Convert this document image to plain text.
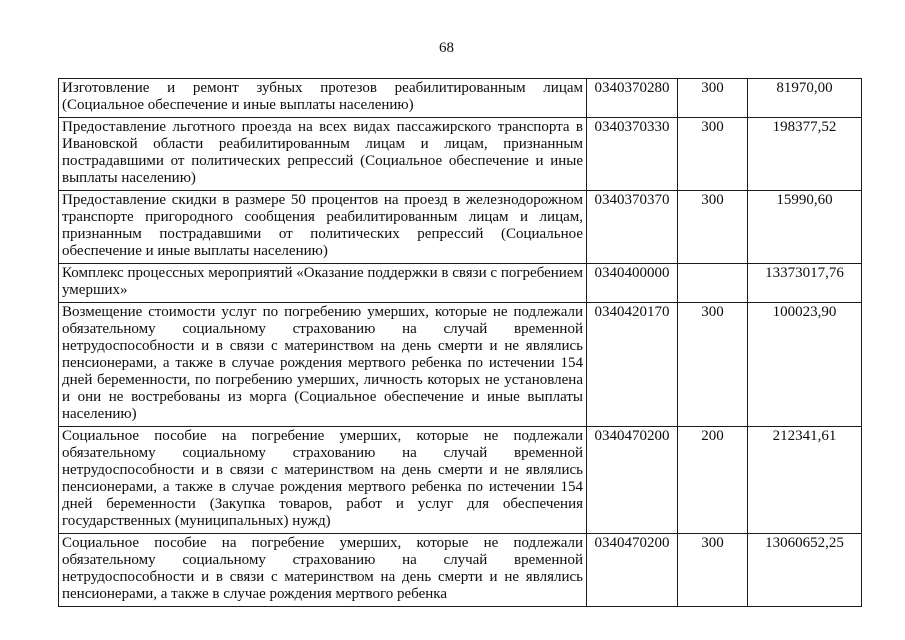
68
Изготовление и ремонт зубных протезов реабилитированным лицам (Социальное обеспечение и иные выплаты населению)	0340370280	300	81970,00
Предоставление льготного проезда на всех видах пассажирского транспорта в Ивановской области реабилитированным лицам и лицам, признанным пострадавшими от политических репрессий (Социальное обеспечение и иные выплаты населению)	0340370330	300	198377,52
Предоставление скидки в размере 50 процентов на проезд в железнодорожном транспорте пригородного сообщения реабилитированным лицам и лицам, признанным пострадавшими от политических репрессий (Социальное обеспечение и иные выплаты населению)	0340370370	300	15990,60
Комплекс процессных мероприятий «Оказание поддержки в связи с погребением умерших»	0340400000		13373017,76
Возмещение стоимости услуг по погребению умерших, которые не подлежали обязательному социальному страхованию на случай временной нетрудоспособности и в связи с материнством на день смерти и не являлись пенсионерами, а также в случае рождения мертвого ребенка по истечении 154 дней беременности, по погребению умерших, личность которых не установлена и они не востребованы из морга (Социальное обеспечение и иные выплаты населению)	0340420170	300	100023,90
Социальное пособие на погребение умерших, которые не подлежали обязательному социальному страхованию на случай временной нетрудоспособности и в связи с материнством на день смерти и не являлись пенсионерами, а также в случае рождения мертвого ребенка по истечении 154 дней беременности (Закупка товаров, работ и услуг для обеспечения государственных (муниципальных) нужд)	0340470200	200	212341,61
Социальное пособие на погребение умерших, которые не подлежали обязательному социальному страхованию на случай временной нетрудоспособности и в связи с материнством на день смерти и не являлись пенсионерами, а также в случае рождения мертвого ребенка	0340470200	300	13060652,25
